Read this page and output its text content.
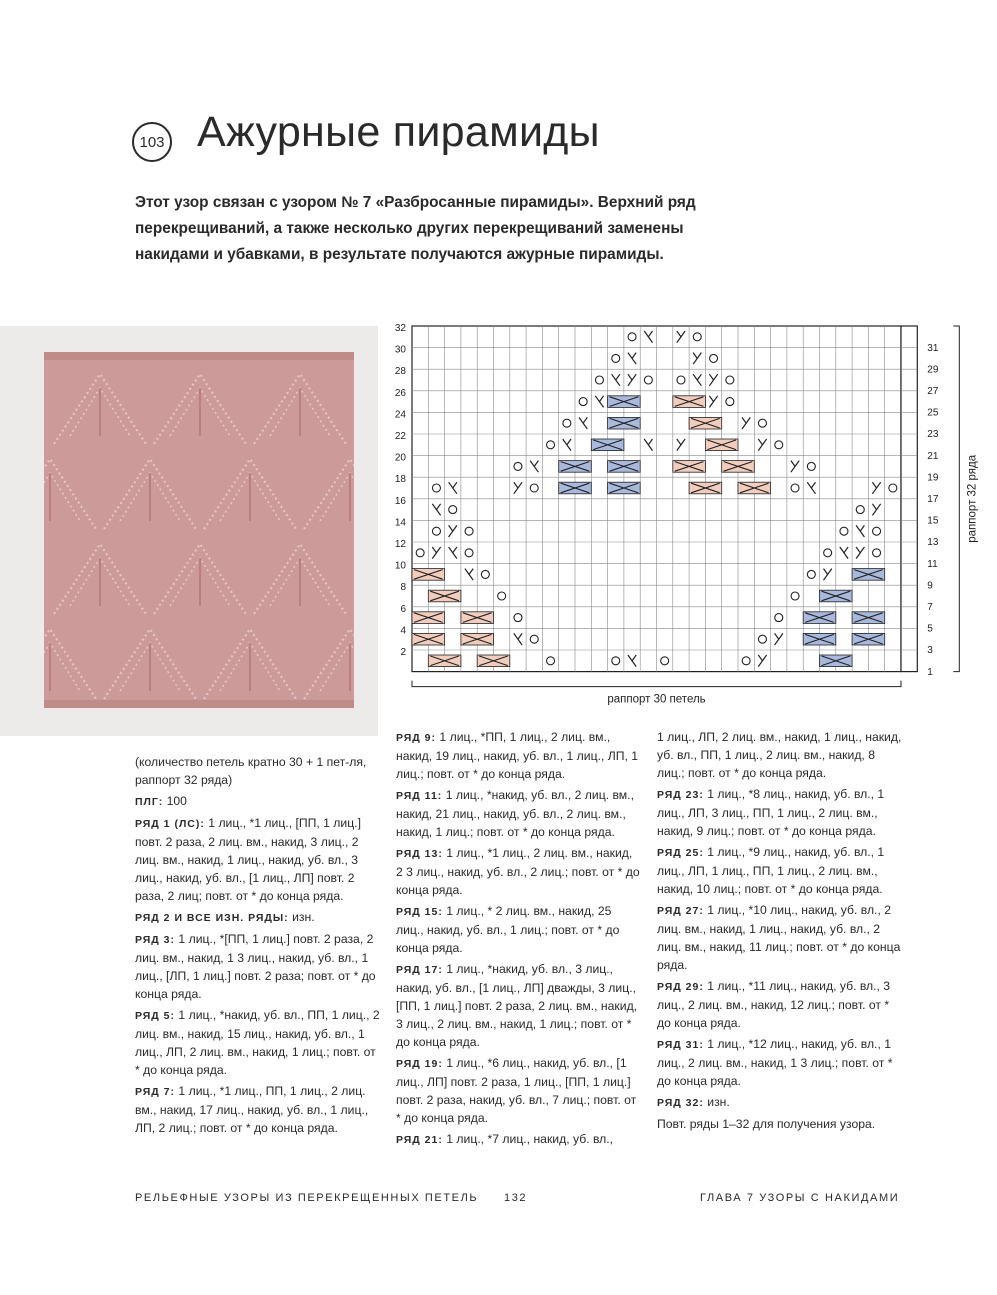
103 Ажурные пирамиды

Этот узор связан с узором № 7 «Разбросанные пирамиды». Верхний ряд

перекрещиваний, а также несколько других перекрещиваний заменены

накидами и убавками, в результате получаются ажурные пирамиды.

32
30
28
26
24
22
20
18
16
14
12
10
8
6
4
2
31
29
27
25
23
21
19
17
15
13
11
9
7
5
3
1
раппорт 30 петель
раппорт 32 ряда

(количество петель кратно 30 + 1 пет-ля, раппорт 32 ряда)

ПЛГ: 100

РЯД 1 (ЛС): 1 лиц., *1 лиц., [ПП, 1 лиц.] повт. 2 раза, 2 лиц. вм., накид, 3 лиц., 2 лиц. вм., накид, 1 лиц., накид, уб. вл., 3 лиц., накид, уб. вл., [1 лиц., ЛП] повт. 2 раза, 2 лиц; повт. от * до конца ряда.

РЯД 2 И ВСЕ ИЗН. РЯДЫ: изн.

РЯД 3: 1 лиц., *[ПП, 1 лиц.] повт. 2 раза, 2 лиц. вм., накид, 1 3 лиц., накид, уб. вл., 1 лиц., [ЛП, 1 лиц.] повт. 2 раза; повт. от * до конца ряда.

РЯД 5: 1 лиц., *накид, уб. вл., ПП, 1 лиц., 2 лиц. вм., накид, 15 лиц., накид, уб. вл., 1 лиц., ЛП, 2 лиц. вм., накид, 1 лиц.; повт. от * до конца ряда.

РЯД 7: 1 лиц., *1 лиц., ПП, 1 лиц., 2 лиц. вм., накид, 17 лиц., накид, уб. вл., 1 лиц., ЛП, 2 лиц.; повт. от * до конца ряда.

РЯД 9: 1 лиц., *ПП, 1 лиц., 2 лиц. вм., накид, 19 лиц., накид, уб. вл., 1 лиц., ЛП, 1 лиц.; повт. от * до конца ряда.

РЯД 11: 1 лиц., *накид, уб. вл., 2 лиц. вм., накид, 21 лиц., накид, уб. вл., 2 лиц. вм., накид, 1 лиц.; повт. от * до конца ряда.

РЯД 13: 1 лиц., *1 лиц., 2 лиц. вм., накид, 2 3 лиц., накид, уб. вл., 2 лиц.; повт. от * до конца ряда.

РЯД 15: 1 лиц., * 2 лиц. вм., накид, 25 лиц., накид, уб. вл., 1 лиц.; повт. от * до конца ряда.

РЯД 17: 1 лиц., *накид, уб. вл., 3 лиц., накид, уб. вл., [1 лиц., ЛП] дважды, 3 лиц., [ПП, 1 лиц.] повт. 2 раза, 2 лиц. вм., накид, 3 лиц., 2 лиц. вм., накид, 1 лиц.; повт. от * до конца ряда.

РЯД 19: 1 лиц., *6 лиц., накид, уб. вл., [1 лиц., ЛП] повт. 2 раза, 1 лиц., [ПП, 1 лиц.] повт. 2 раза, накид, уб. вл., 7 лиц.; повт. от * до конца ряда.

РЯД 21: 1 лиц., *7 лиц., накид, уб. вл.,

1 лиц., ЛП, 2 лиц. вм., накид, 1 лиц., накид, уб. вл., ПП, 1 лиц., 2 лиц. вм., накид, 8 лиц.; повт. от * до конца ряда.

РЯД 23: 1 лиц., *8 лиц., накид, уб. вл., 1 лиц., ЛП, 3 лиц., ПП, 1 лиц., 2 лиц. вм., накид, 9 лиц.; повт. от * до конца ряда.

РЯД 25: 1 лиц., *9 лиц., накид, уб. вл., 1 лиц., ЛП, 1 лиц., ПП, 1 лиц., 2 лиц. вм., накид, 10 лиц.; повт. от * до конца ряда.

РЯД 27: 1 лиц., *10 лиц., накид, уб. вл., 2 лиц. вм., накид, 1 лиц., накид, уб. вл., 2 лиц. вм., накид, 11 лиц.; повт. от * до конца ряда.

РЯД 29: 1 лиц., *11 лиц., накид, уб. вл., 3 лиц., 2 лиц. вм., накид, 12 лиц.; повт. от * до конца ряда.

РЯД 31: 1 лиц., *12 лиц., накид, уб. вл., 1 лиц., 2 лиц. вм., накид, 1 3 лиц.; повт. от * до конца ряда.

РЯД 32: изн.

Повт. ряды 1–32 для получения узора.

РЕЛЬЕФНЫЕ УЗОРЫ ИЗ ПЕРЕКРЕЩЕННЫХ ПЕТЕЛЬ 132	ГЛАВА 7 УЗОРЫ С НАКИДАМИ
